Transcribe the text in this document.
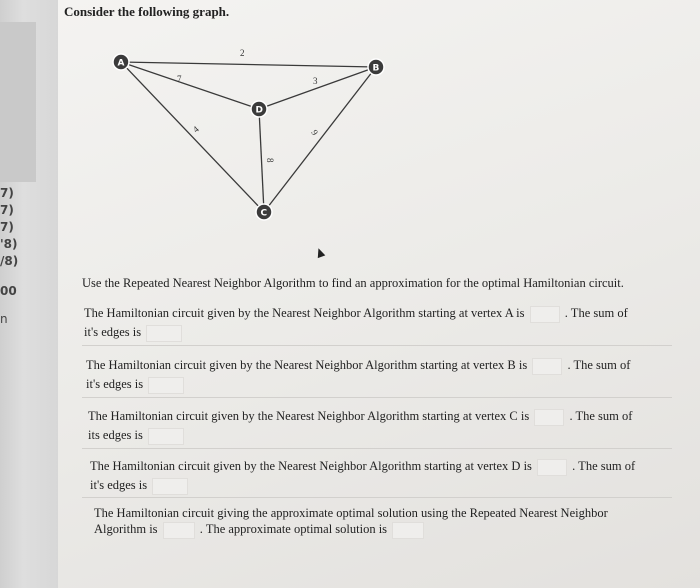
7)
7)
7)
'8)
/8)
00
n
Consider the following graph.
2
7	3
4
8
9
A	B
C
D
Use the Repeated Nearest Neighbor Algorithm to find an approximation for the optimal Hamiltonian circuit.
The Hamiltonian circuit given by the Nearest Neighbor Algorithm starting at vertex A is	. The sum of
it's edges is
The Hamiltonian circuit given by the Nearest Neighbor Algorithm starting at vertex B is	. The sum of
it's edges is
The Hamiltonian circuit given by the Nearest Neighbor Algorithm starting at vertex C is	. The sum of
its edges is
The Hamiltonian circuit given by the Nearest Neighbor Algorithm starting at vertex D is	. The sum of
it's edges is
The Hamiltonian circuit giving the approximate optimal solution using the Repeated Nearest Neighbor
Algorithm is	. The approximate optimal solution is
